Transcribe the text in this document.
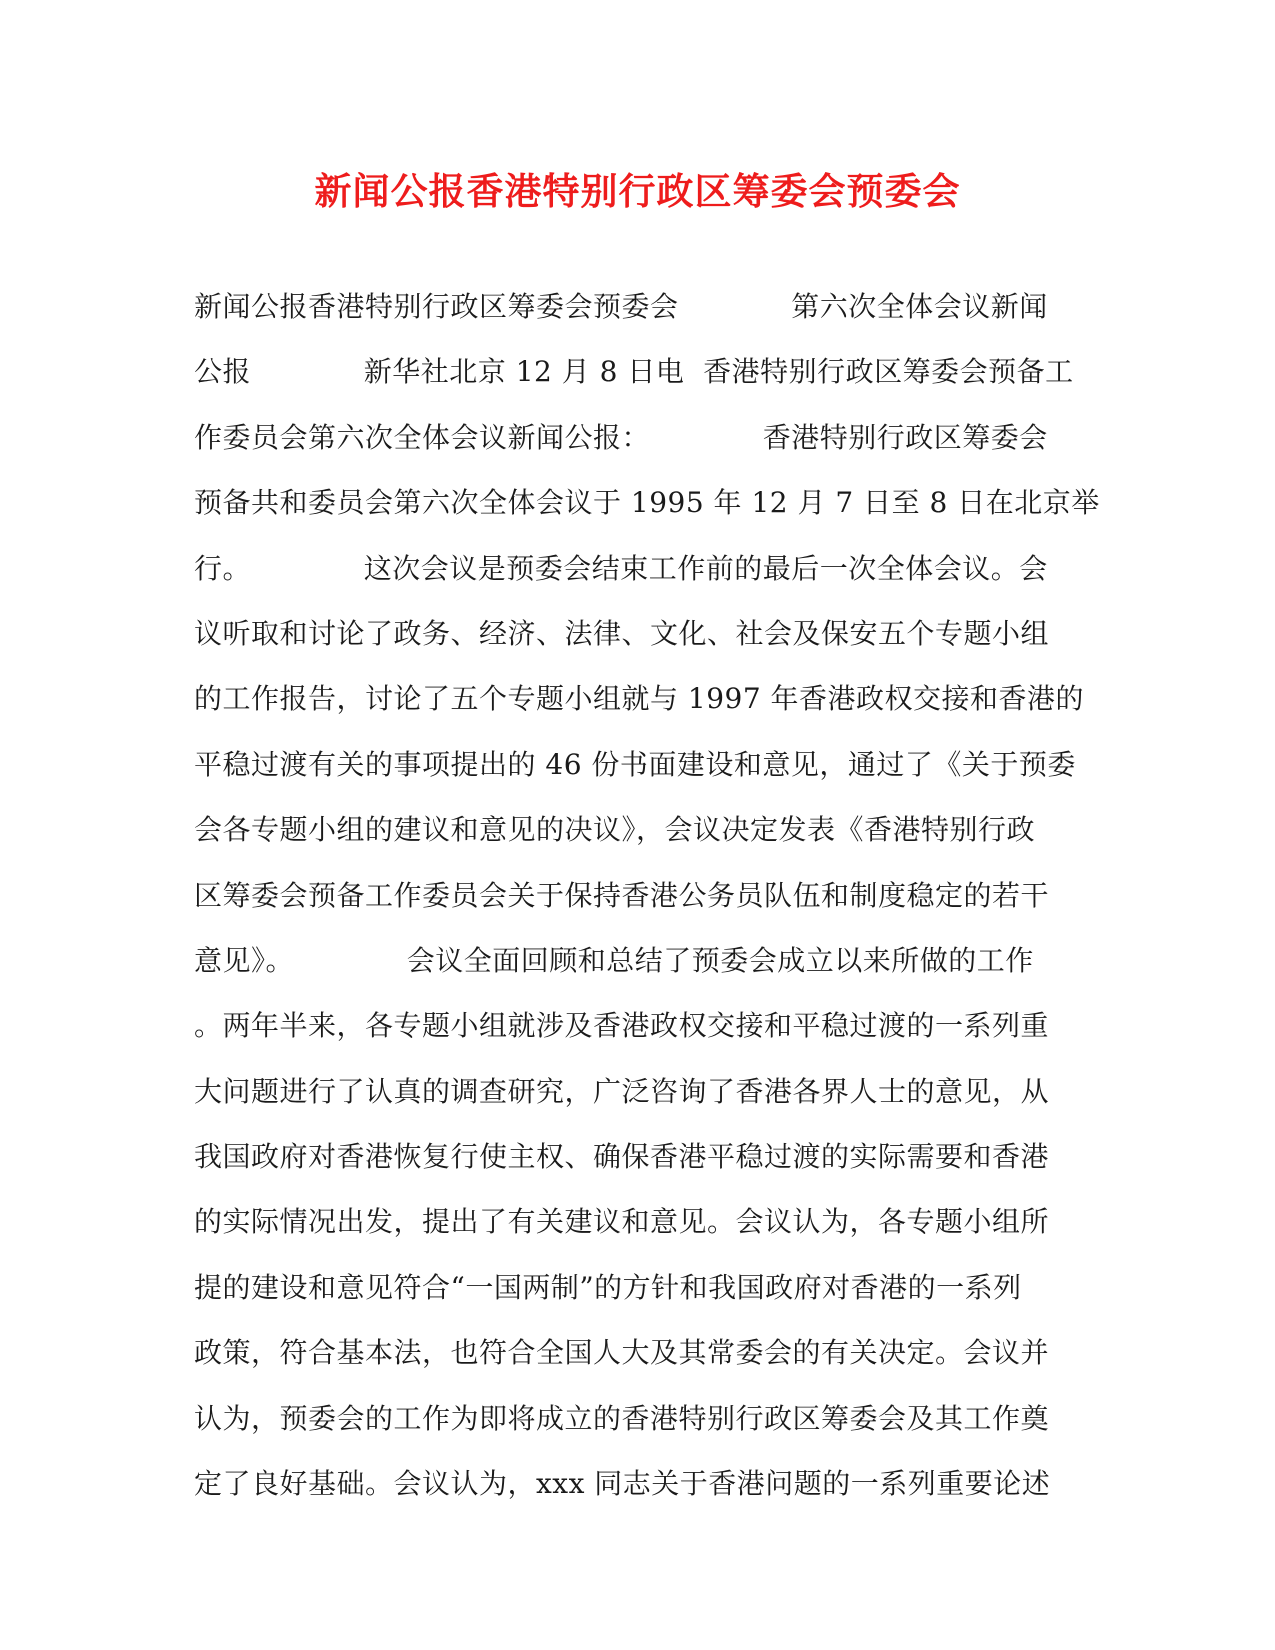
新闻公报香港特别行政区筹委会预委会
新闻公报香港特别行政区筹委会预委会            第六次全体会议新闻
公报            新华社北京 12 月 8 日电  香港特别行政区筹委会预备工
作委员会第六次全体会议新闻公报：            香港特别行政区筹委会
预备共和委员会第六次全体会议于 1995 年 12 月 7 日至 8 日在北京举
行。            这次会议是预委会结束工作前的最后一次全体会议。会
议听取和讨论了政务、经济、法律、文化、社会及保安五个专题小组
的工作报告，讨论了五个专题小组就与 1997 年香港政权交接和香港的
平稳过渡有关的事项提出的 46 份书面建设和意见，通过了《关于预委
会各专题小组的建议和意见的决议》，会议决定发表《香港特别行政
区筹委会预备工作委员会关于保持香港公务员队伍和制度稳定的若干
意见》。            会议全面回顾和总结了预委会成立以来所做的工作
。两年半来，各专题小组就涉及香港政权交接和平稳过渡的一系列重
大问题进行了认真的调查研究，广泛咨询了香港各界人士的意见，从
我国政府对香港恢复行使主权、确保香港平稳过渡的实际需要和香港
的实际情况出发，提出了有关建议和意见。会议认为，各专题小组所
提的建设和意见符合“一国两制”的方针和我国政府对香港的一系列
政策，符合基本法，也符合全国人大及其常委会的有关决定。会议并
认为，预委会的工作为即将成立的香港特别行政区筹委会及其工作奠
定了良好基础。会议认为，xxx 同志关于香港问题的一系列重要论述
